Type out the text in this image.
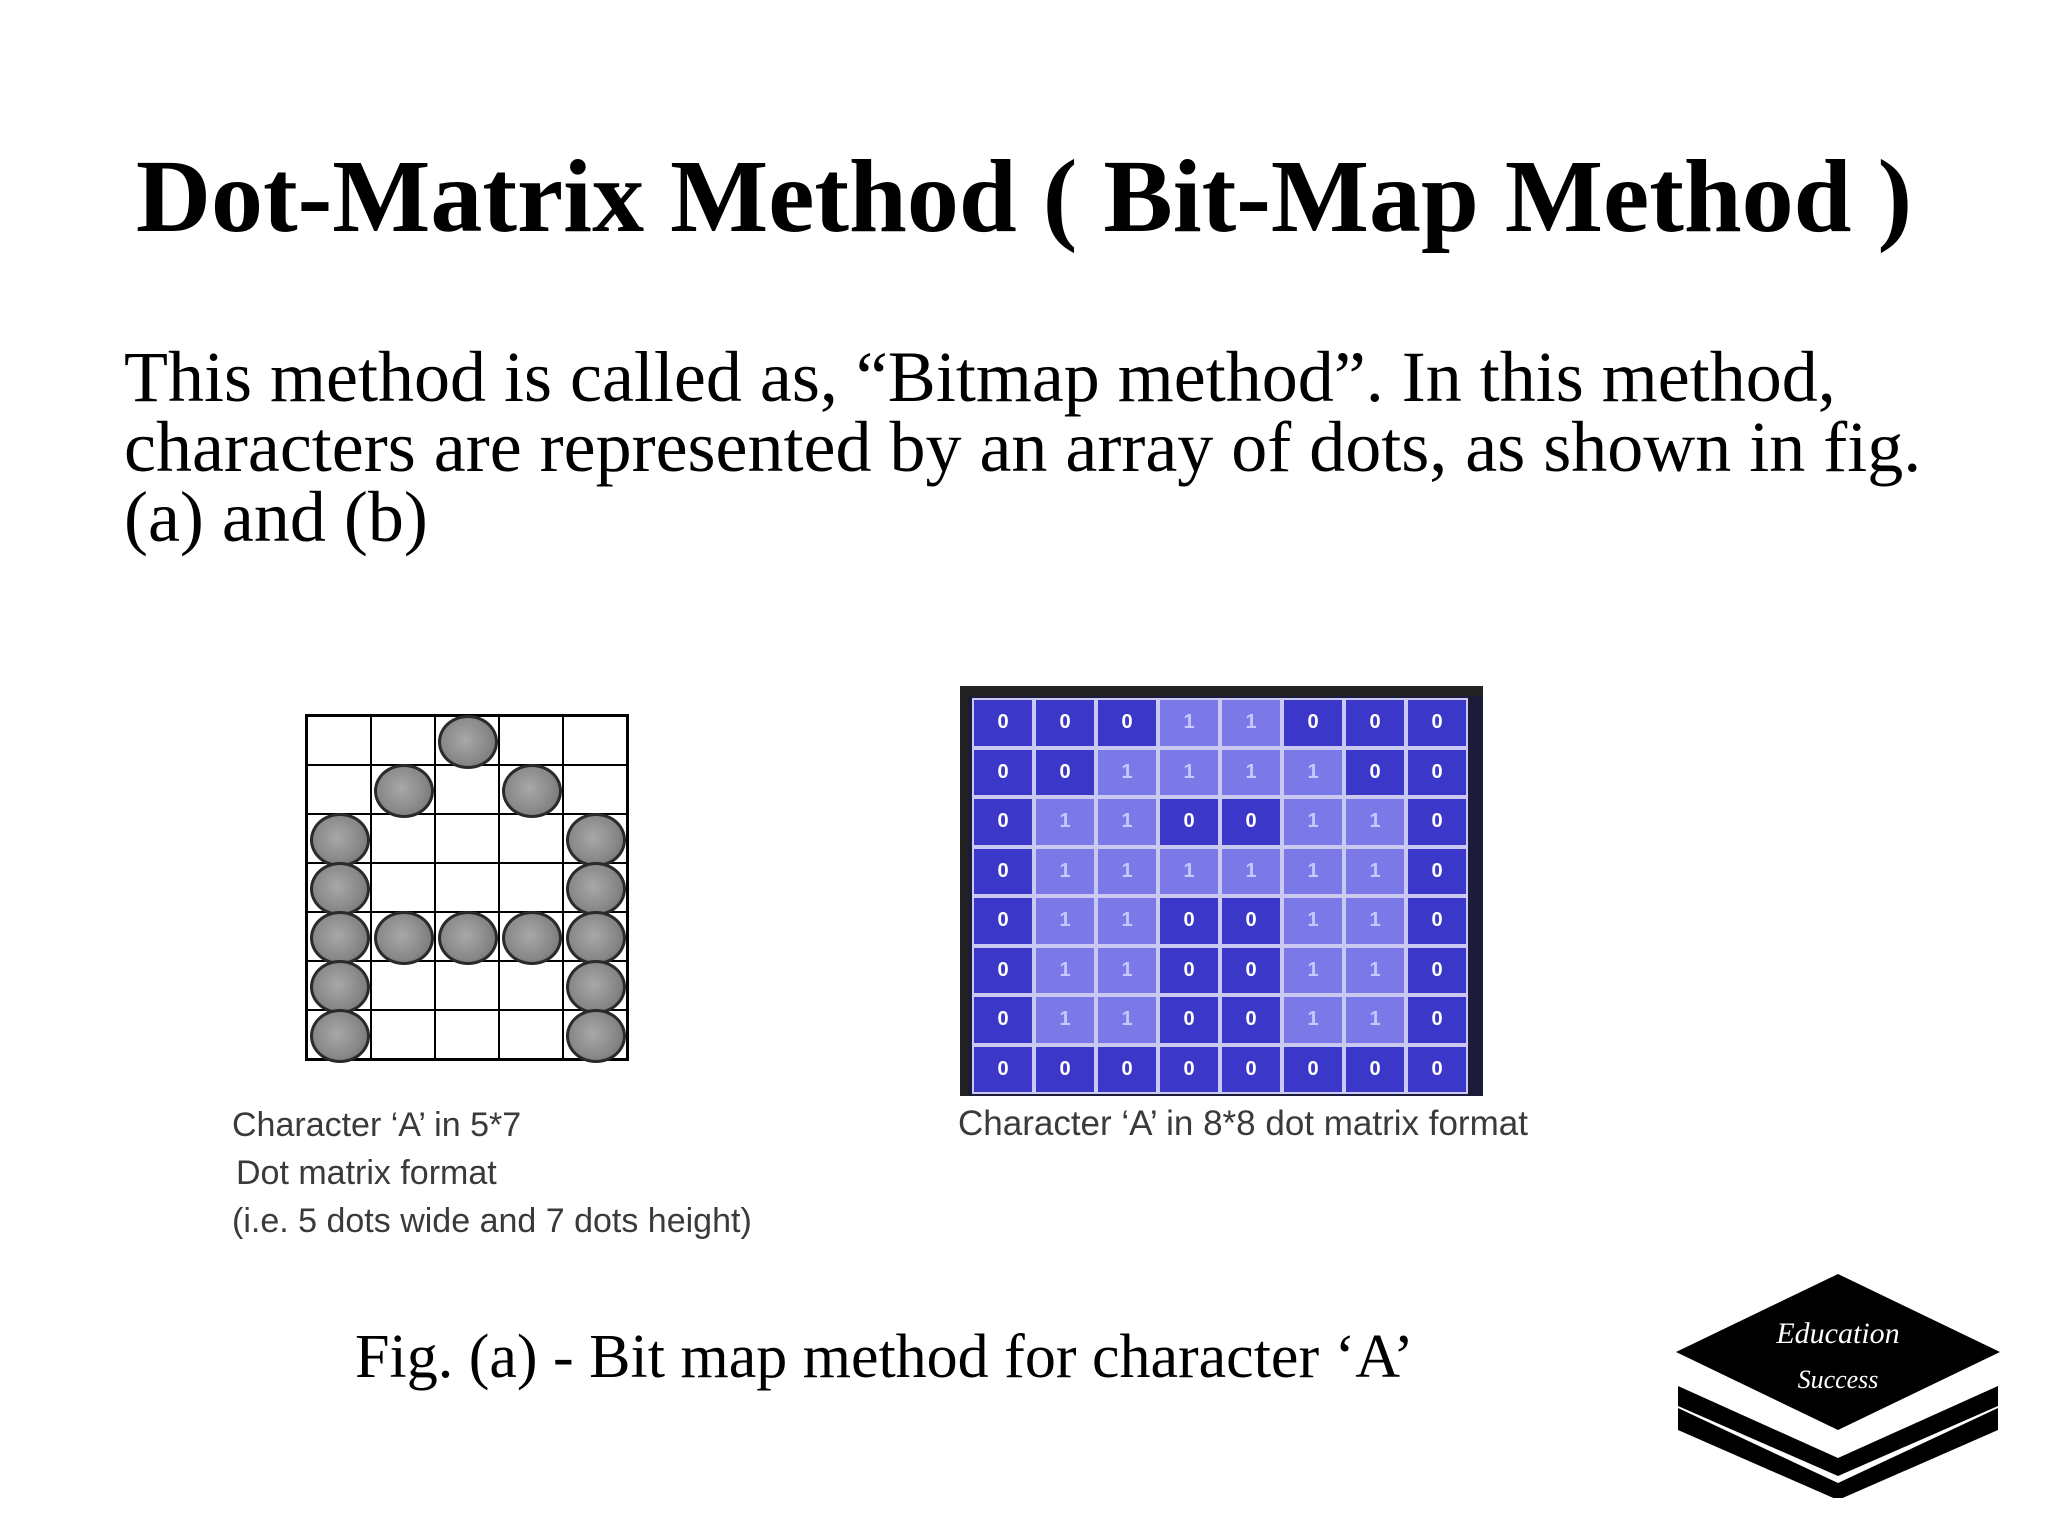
Dot-Matrix Method ( Bit-Map Method )

This method is called as, “Bitmap method”. In this method, characters are represented by an array of dots, as shown in fig. (a) and (b)

Character ‘A’ in 5*7
Dot matrix format
(i.e. 5 dots wide and 7 dots height)
0	0	0	1	1	0	0	0
0	0	1	1	1	1	0	0
0	1	1	0	0	1	1	0
0	1	1	1	1	1	1	0
0	1	1	0	0	1	1	0
0	1	1	0	0	1	1	0
0	1	1	0	0	1	1	0
0	0	0	0	0	0	0	0
Character ‘A’ in 8*8 dot matrix format
Fig. (a) - Bit map method for character ‘A’	Education
Success
